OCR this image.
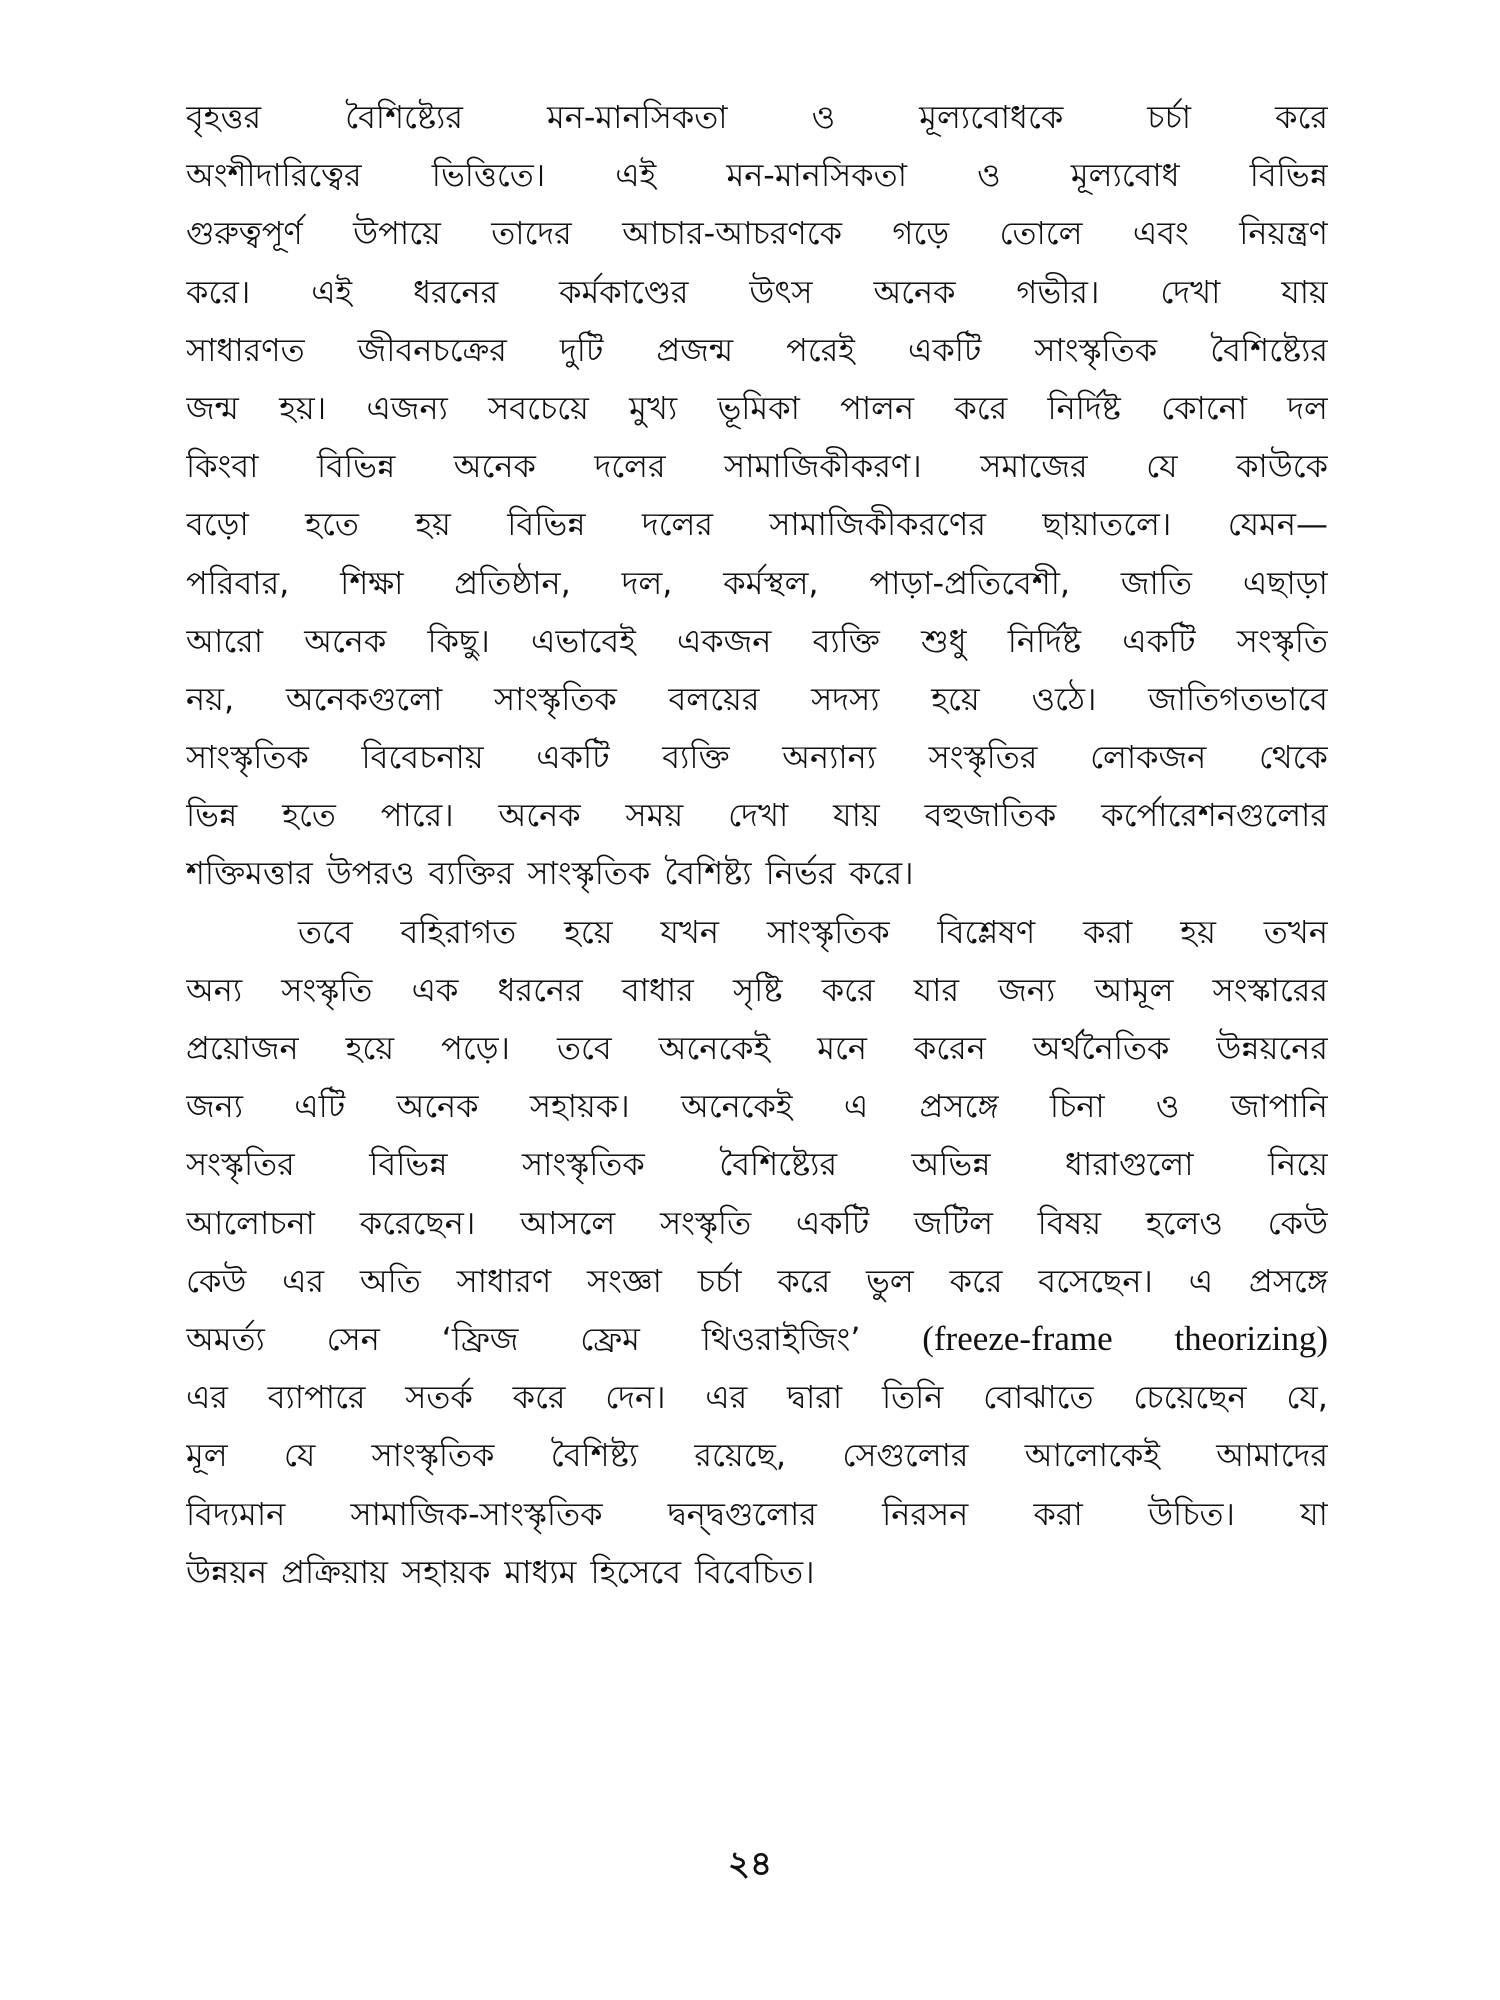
বৃহত্তর	বৈশিষ্ট্যের	মন-মানসিকতা	ও	মূল্যবোধকে	চর্চা	করে
অংশীদারিত্বের ভিত্তিতে। এই মন-মানসিকতা ও মূল্যবোধ বিভিন্ন
গুরুত্বপূর্ণ উপায়ে তাদের আচার-আচরণকে গড়ে তোলে এবং নিয়ন্ত্রণ
করে। এই ধরনের কর্মকাণ্ডের উৎস অনেক গভীর। দেখা যায়
সাধারণত জীবনচক্রের দুটি প্রজন্ম পরেই একটি সাংস্কৃতিক বৈশিষ্ট্যের
জন্ম হয়। এজন্য সবচেয়ে মুখ্য ভূমিকা পালন করে নির্দিষ্ট কোনো দল
কিংবা বিভিন্ন অনেক দলের সামাজিকীকরণ। সমাজের যে কাউকে
বড়ো হতে হয় বিভিন্ন দলের সামাজিকীকরণের ছায়াতলে। যেমন—
পরিবার, শিক্ষা প্রতিষ্ঠান, দল, কর্মস্থল, পাড়া-প্রতিবেশী, জাতি এছাড়া
আরো অনেক কিছু। এভাবেই একজন ব্যক্তি শুধু নির্দিষ্ট একটি সংস্কৃতি
নয়, অনেকগুলো সাংস্কৃতিক বলয়ের সদস্য হয়ে ওঠে। জাতিগতভাবে
সাংস্কৃতিক বিবেচনায় একটি ব্যক্তি অন্যান্য সংস্কৃতির লোকজন থেকে
ভিন্ন হতে পারে। অনেক সময় দেখা যায় বহুজাতিক কর্পোরেশনগুলোর
শক্তিমত্তার উপরও ব্যক্তির সাংস্কৃতিক বৈশিষ্ট্য নির্ভর করে।
তবে বহিরাগত হয়ে যখন সাংস্কৃতিক বিশ্লেষণ করা হয় তখন
অন্য সংস্কৃতি এক ধরনের বাধার সৃষ্টি করে যার জন্য আমূল সংস্কারের
প্রয়োজন হয়ে পড়ে। তবে অনেকেই মনে করেন অর্থনৈতিক উন্নয়নের
জন্য এটি অনেক সহায়ক। অনেকেই এ প্রসঙ্গে চিনা ও জাপানি
সংস্কৃতির বিভিন্ন সাংস্কৃতিক বৈশিষ্ট্যের অভিন্ন ধারাগুলো নিয়ে
আলোচনা করেছেন। আসলে সংস্কৃতি একটি জটিল বিষয় হলেও কেউ
কেউ এর অতি সাধারণ সংজ্ঞা চর্চা করে ভুল করে বসেছেন। এ প্রসঙ্গে
অমর্ত্য সেন ‘ফ্রিজ ফ্রেম থিওরাইজিং’ (freeze-frame theorizing)
এর ব্যাপারে সতর্ক করে দেন। এর দ্বারা তিনি বোঝাতে চেয়েছেন যে,
মূল যে সাংস্কৃতিক বৈশিষ্ট্য রয়েছে, সেগুলোর আলোকেই আমাদের
বিদ্যমান সামাজিক-সাংস্কৃতিক দ্বন্দ্বগুলোর নিরসন করা উচিত। যা
উন্নয়ন প্রক্রিয়ায় সহায়ক মাধ্যম হিসেবে বিবেচিত।
২৪
